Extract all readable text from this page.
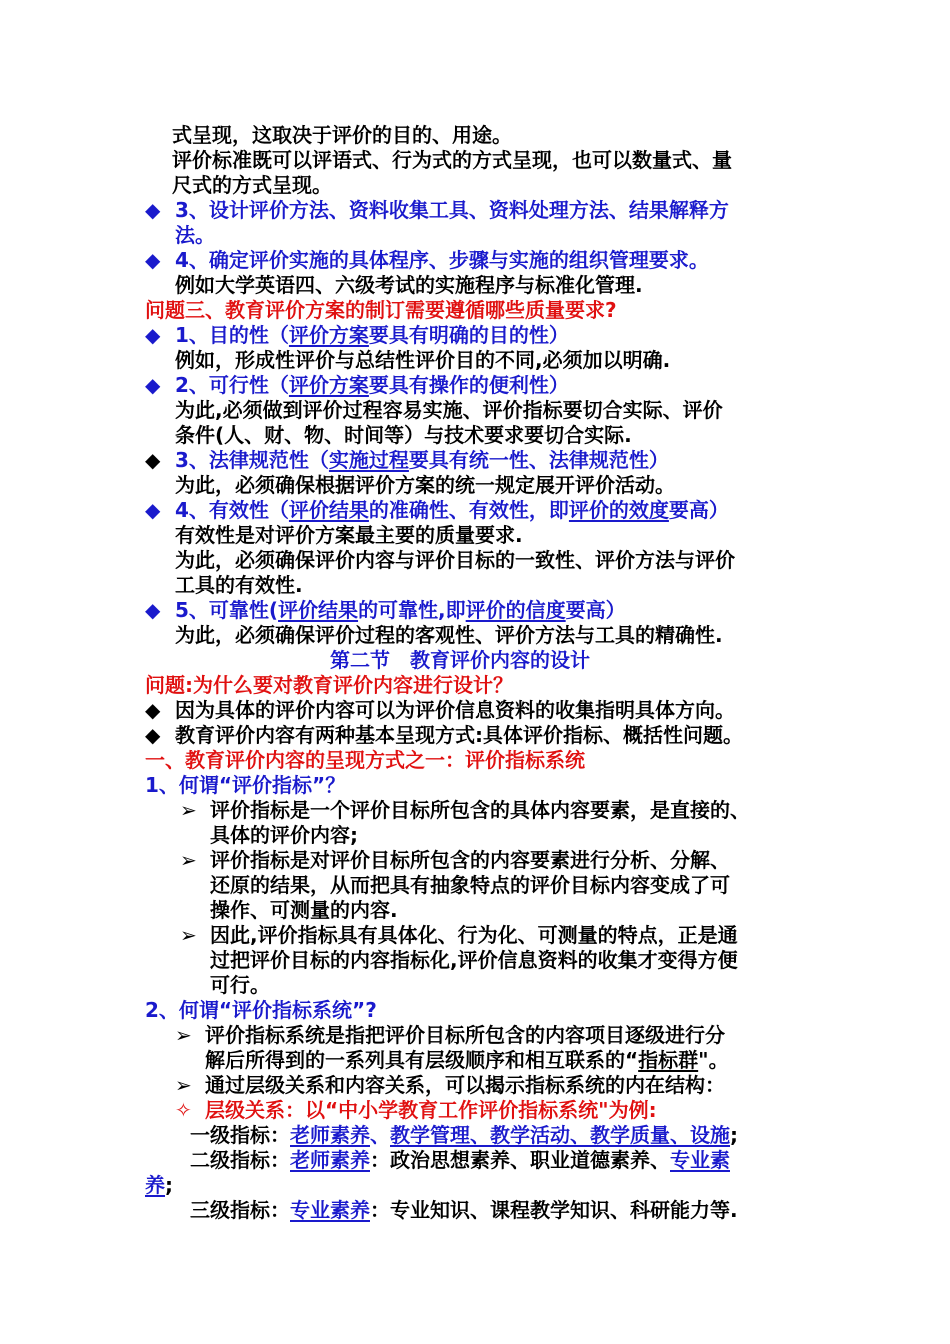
式呈现，这取决于评价的目的、用途。
评价标准既可以评语式、行为式的方式呈现，也可以数量式、量
尺式的方式呈现。
◆ 3、设计评价方法、资料收集工具、资料处理方法、结果解释方
法。
◆ 4、确定评价实施的具体程序、步骤与实施的组织管理要求。
例如大学英语四、六级考试的实施程序与标准化管理.
问题三、教育评价方案的制订需要遵循哪些质量要求?
◆ 1、目的性（评价方案要具有明确的目的性）
例如，形成性评价与总结性评价目的不同,必须加以明确.
◆ 2、可行性（评价方案要具有操作的便利性）
为此,必须做到评价过程容易实施、评价指标要切合实际、评价
条件(人、财、物、时间等）与技术要求要切合实际.
◆ 3、法律规范性（实施过程要具有统一性、法律规范性）
为此，必须确保根据评价方案的统一规定展开评价活动。
◆ 4、有效性（评价结果的准确性、有效性，即评价的效度要高）
有效性是对评价方案最主要的质量要求.
为此，必须确保评价内容与评价目标的一致性、评价方法与评价
工具的有效性.
◆ 5、可靠性(评价结果的可靠性,即评价的信度要高）
为此，必须确保评价过程的客观性、评价方法与工具的精确性.
第二节　教育评价内容的设计
问题:为什么要对教育评价内容进行设计？
◆ 因为具体的评价内容可以为评价信息资料的收集指明具体方向。
◆ 教育评价内容有两种基本呈现方式:具体评价指标、概括性问题。
一、教育评价内容的呈现方式之一：评价指标系统
1、何谓“评价指标”？
➢ 评价指标是一个评价目标所包含的具体内容要素，是直接的、
具体的评价内容;
➢ 评价指标是对评价目标所包含的内容要素进行分析、分解、
还原的结果，从而把具有抽象特点的评价目标内容变成了可
操作、可测量的内容.
➢ 因此,评价指标具有具体化、行为化、可测量的特点，正是通
过把评价目标的内容指标化,评价信息资料的收集才变得方便
可行。
2、何谓“评价指标系统”?
➢ 评价指标系统是指把评价目标所包含的内容项目逐级进行分
解后所得到的一系列具有层级顺序和相互联系的“指标群"。
➢ 通过层级关系和内容关系，可以揭示指标系统的内在结构：
✧ 层级关系：以“中小学教育工作评价指标系统"为例:
一级指标：老师素养、教学管理、教学活动、教学质量、设施;
二级指标：老师素养：政治思想素养、职业道德素养、专业素
养;
三级指标：专业素养：专业知识、课程教学知识、科研能力等.
